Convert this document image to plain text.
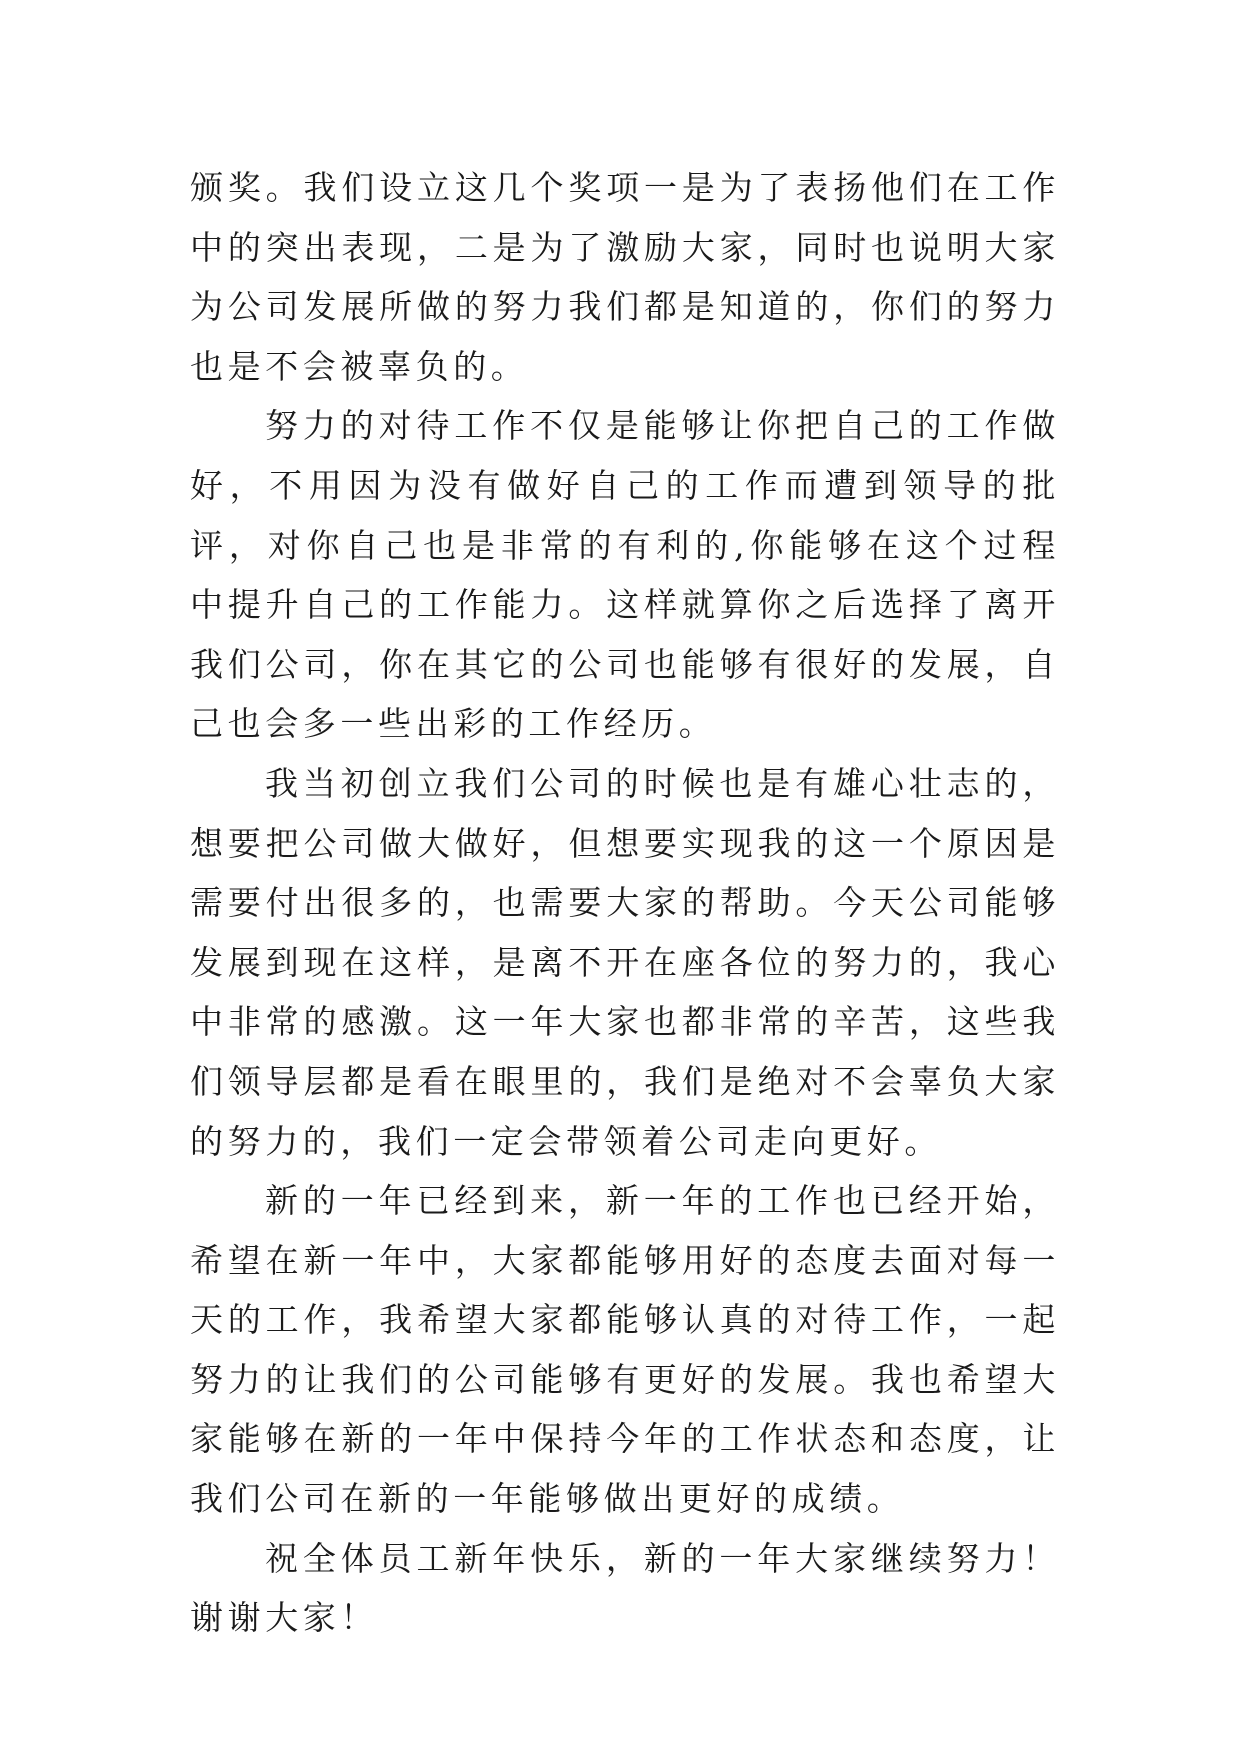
颁奖。我们设立这几个奖项一是为了表扬他们在工作中的突出表现，二是为了激励大家，同时也说明大家为公司发展所做的努力我们都是知道的，你们的努力也是不会被辜负的。

努力的对待工作不仅是能够让你把自己的工作做好，不用因为没有做好自己的工作而遭到领导的批评，对你自己也是非常的有利的,你能够在这个过程中提升自己的工作能力。这样就算你之后选择了离开我们公司，你在其它的公司也能够有很好的发展，自己也会多一些出彩的工作经历。

我当初创立我们公司的时候也是有雄心壮志的，想要把公司做大做好，但想要实现我的这一个原因是需要付出很多的，也需要大家的帮助。今天公司能够发展到现在这样，是离不开在座各位的努力的，我心中非常的感激。这一年大家也都非常的辛苦，这些我们领导层都是看在眼里的，我们是绝对不会辜负大家的努力的，我们一定会带领着公司走向更好。

新的一年已经到来，新一年的工作也已经开始，希望在新一年中，大家都能够用好的态度去面对每一天的工作，我希望大家都能够认真的对待工作，一起努力的让我们的公司能够有更好的发展。我也希望大家能够在新的一年中保持今年的工作状态和态度，让我们公司在新的一年能够做出更好的成绩。

祝全体员工新年快乐，新的一年大家继续努力！谢谢大家！
